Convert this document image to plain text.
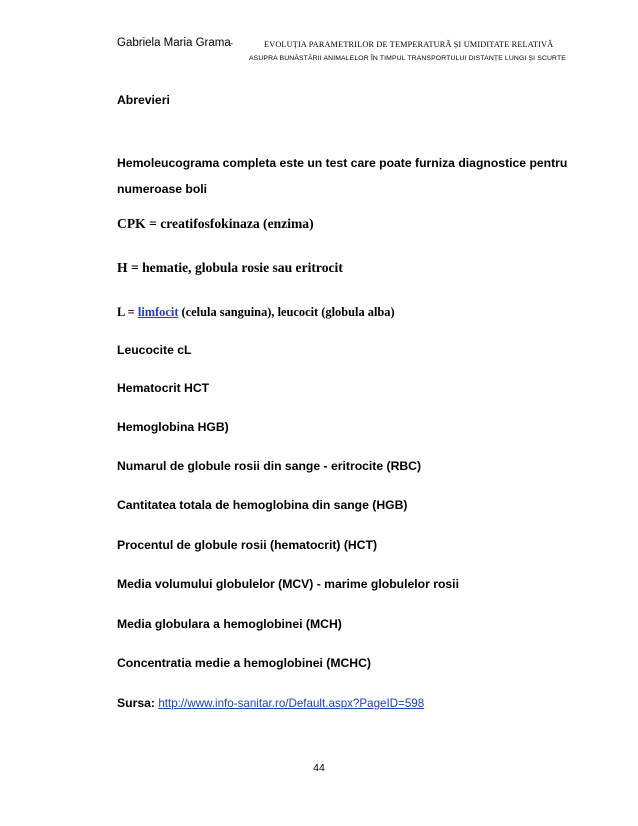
Gabriela Maria Grama -	EVOLUȚIA PARAMETRILOR DE TEMPERATURĂ ȘI UMIDITATE RELATIVĂ
ASUPRA BUNĂSTĂRII ANIMALELOR ÎN TIMPUL TRANSPORTULUI DISTANȚE LUNGI ȘI SCURTE
Abrevieri
Hemoleucograma completa este un test care poate furniza diagnostice pentru
numeroase boli
CPK = creatifosfokinaza (enzima)
H = hematie, globula rosie sau eritrocit
L = limfocit (celula sanguina), leucocit (globula alba)
Leucocite cL
Hematocrit HCT
Hemoglobina HGB)
Numarul de globule rosii din sange - eritrocite (RBC)
Cantitatea totala de hemoglobina din sange (HGB)
Procentul de globule rosii (hematocrit) (HCT)
Media volumului globulelor (MCV) - marime globulelor rosii
Media globulara a hemoglobinei (MCH)
Concentratia medie a hemoglobinei (MCHC)
Sursa: http://www.info-sanitar.ro/Default.aspx?PageID=598
44
